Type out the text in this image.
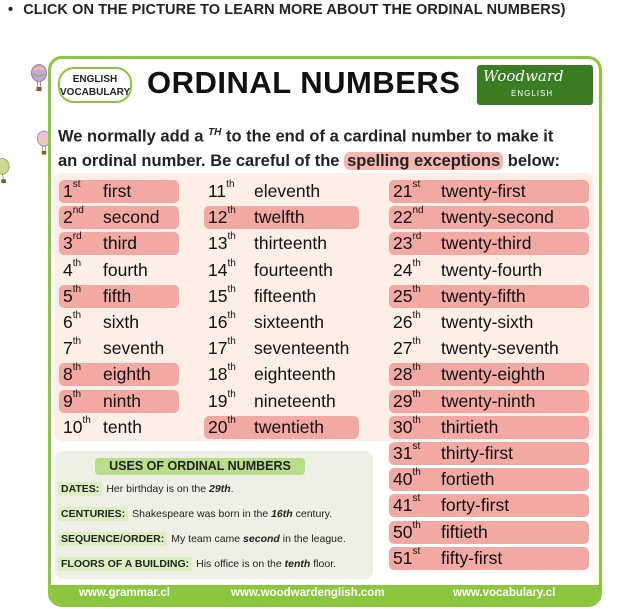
• CLICK ON THE PICTURE TO LEARN MORE ABOUT THE ORDINAL NUMBERS)
ENGLISH
VOCABULARY ORDINAL NUMBERS Woodward
ENGLISH
We normally add a $^{TH}$ to the end of a cardinal number to make it
an ordinal number. Be careful of the spelling exceptions below:
1st	first
2nd	second
3rd	third
4th	fourth
5th	fifth
6th	sixth
7th	seventh
8th	eighth
9th	ninth
10th tenth
11th	eleventh
12th	twelfth
13th	thirteenth
14th	fourteenth
15th	fifteenth
16th	sixteenth
17th	seventeenth
18th	eighteenth
19th	nineteenth
20th	twentieth
21st	twenty-first
22nd twenty-second
23rd	twenty-third
24th	twenty-fourth
25th	twenty-fifth
26th	twenty-sixth
27th	twenty-seventh
28th	twenty-eighth
29th	twenty-ninth
30th	thirtieth
31st	thirty-first
40th	fortieth
41st	forty-first
50th	fiftieth
51st	fifty-first
USES OF ORDINAL NUMBERS
DATES: Her birthday is on the 29th .
CENTURIES: Shakespeare was born in the 16th century.
SEQUENCE/ORDER: My team came second in the league.
FLOORS OF A BUILDING: His office is on the tenth floor.
www.grammar.cl	www.woodwardenglish.com	www.vocabulary.cl
